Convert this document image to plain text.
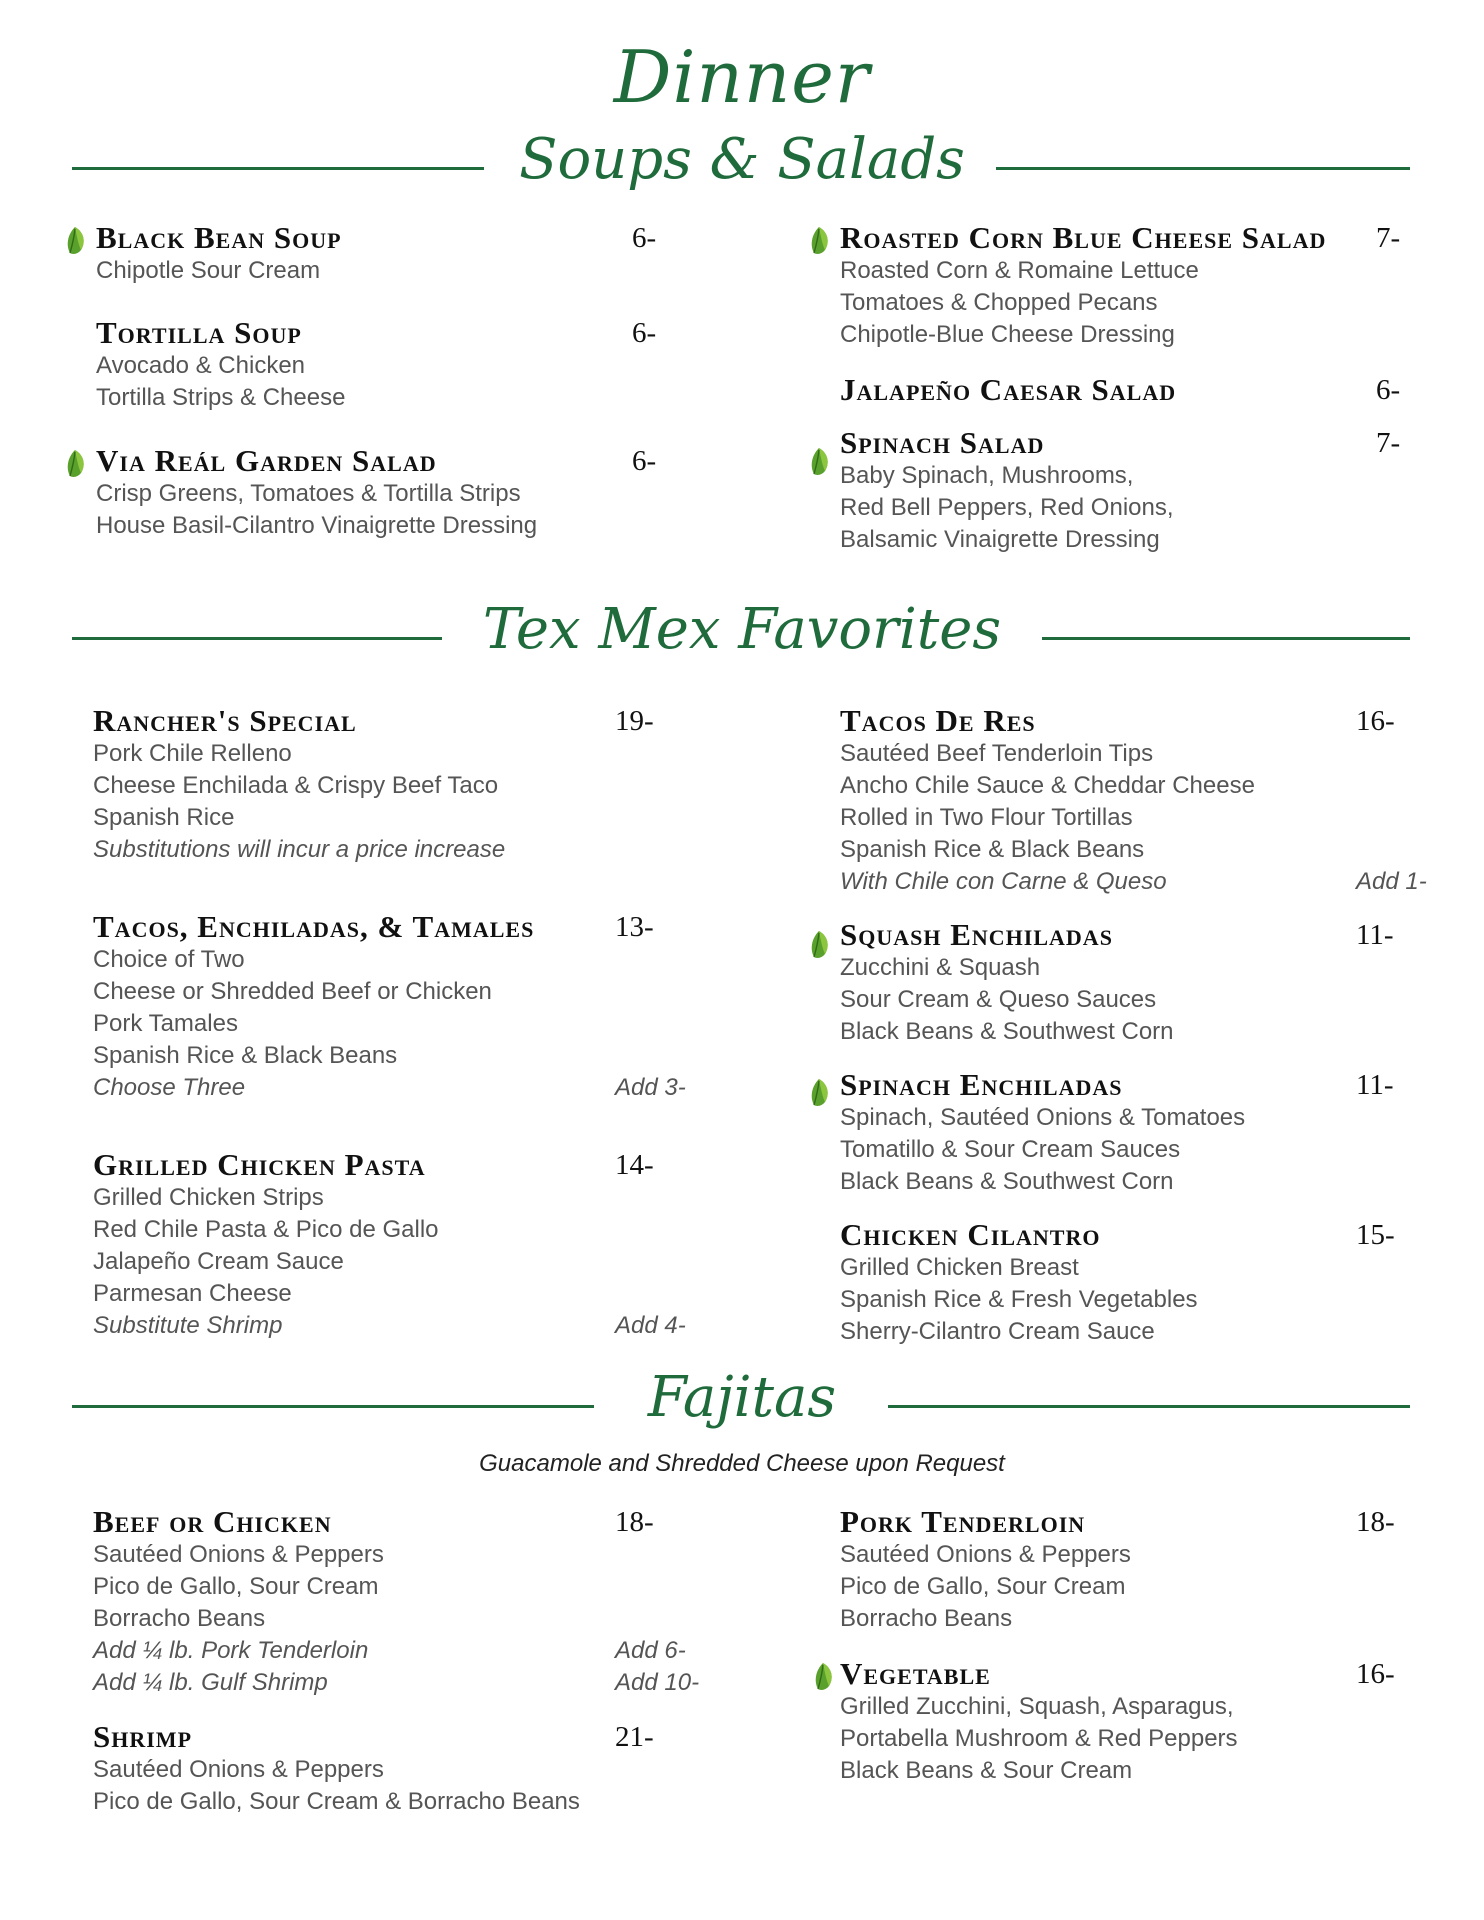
Dinner
Soups & Salads
Black Bean Soup	6-
Chipotle Sour Cream
Tortilla Soup	6-
Avocado & Chicken
Tortilla Strips & Cheese
Via Reál Garden Salad	6-
Crisp Greens, Tomatoes & Tortilla Strips
House Basil-Cilantro Vinaigrette Dressing
Roasted Corn Blue Cheese Salad	7-
Roasted Corn & Romaine Lettuce
Tomatoes & Chopped Pecans
Chipotle-Blue Cheese Dressing
Jalapeño Caesar Salad	6-
Spinach Salad	7-
Baby Spinach, Mushrooms,
Red Bell Peppers, Red Onions,
Balsamic Vinaigrette Dressing
Tex Mex Favorites
Rancher's Special	19-
Pork Chile Relleno
Cheese Enchilada & Crispy Beef Taco
Spanish Rice
Substitutions will incur a price increase
Tacos, Enchiladas, & Tamales	13-
Choice of Two
Cheese or Shredded Beef or Chicken
Pork Tamales
Spanish Rice & Black Beans
Choose Three	Add 3-
Grilled Chicken Pasta	14-
Grilled Chicken Strips
Red Chile Pasta & Pico de Gallo
Jalapeño Cream Sauce
Parmesan Cheese
Substitute Shrimp	Add 4-
Tacos De Res	16-
Sautéed Beef Tenderloin Tips
Ancho Chile Sauce & Cheddar Cheese
Rolled in Two Flour Tortillas
Spanish Rice & Black Beans
With Chile con Carne & Queso	Add 1-
Squash Enchiladas	11-
Zucchini & Squash
Sour Cream & Queso Sauces
Black Beans & Southwest Corn
Spinach Enchiladas	11-
Spinach, Sautéed Onions & Tomatoes
Tomatillo & Sour Cream Sauces
Black Beans & Southwest Corn
Chicken Cilantro	15-
Grilled Chicken Breast
Spanish Rice & Fresh Vegetables
Sherry-Cilantro Cream Sauce
Fajitas
Guacamole and Shredded Cheese upon Request
Beef or Chicken	18-
Sautéed Onions & Peppers
Pico de Gallo, Sour Cream
Borracho Beans
Add ¼ lb. Pork Tenderloin
Add ¼ lb. Gulf Shrimp
Add 6-
Add 10-
Shrimp	21-
Sautéed Onions & Peppers
Pico de Gallo, Sour Cream & Borracho Beans
Pork Tenderloin	18-
Sautéed Onions & Peppers
Pico de Gallo, Sour Cream
Borracho Beans
Vegetable	16-
Grilled Zucchini, Squash, Asparagus,
Portabella Mushroom & Red Peppers
Black Beans & Sour Cream
